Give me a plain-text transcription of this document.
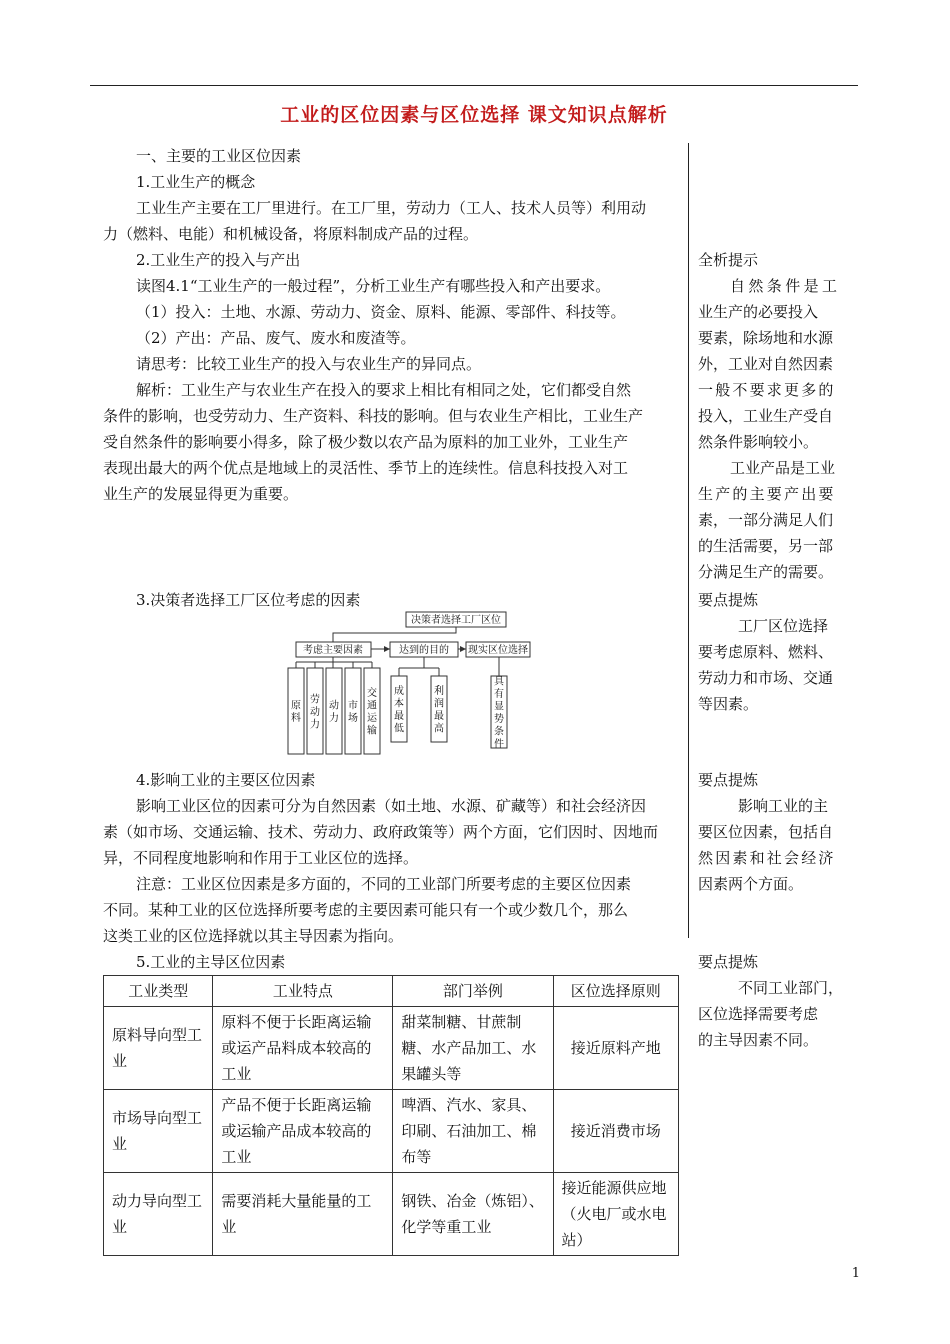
工业的区位因素与区位选择 课文知识点解析
一、主要的工业区位因素
1.工业生产的概念
工业生产主要在工厂里进行。在工厂里，劳动力（工人、技术人员等）利用动
力（燃料、电能）和机械设备，将原料制成产品的过程。
2.工业生产的投入与产出
读图4.1“工业生产的一般过程”，分析工业生产有哪些投入和产出要求。
（1）投入：土地、水源、劳动力、资金、原料、能源、零部件、科技等。
（2）产出：产品、废气、废水和废渣等。
请思考：比较工业生产的投入与农业生产的异同点。
解析：工业生产与农业生产在投入的要求上相比有相同之处，它们都受自然
条件的影响，也受劳动力、生产资料、科技的影响。但与农业生产相比，工业生产
受自然条件的影响要小得多，除了极少数以农产品为原料的加工业外，工业生产
表现出最大的两个优点是地域上的灵活性、季节上的连续性。信息科技投入对工
业生产的发展显得更为重要。
3.决策者选择工厂区位考虑的因素
4.影响工业的主要区位因素
影响工业区位的因素可分为自然因素（如土地、水源、矿藏等）和社会经济因
素（如市场、交通运输、技术、劳动力、政府政策等）两个方面，它们因时、因地而
异，不同程度地影响和作用于工业区位的选择。
注意：工业区位因素是多方面的，不同的工业部门所要考虑的主要区位因素
不同。某种工业的区位选择所要考虑的主要因素可能只有一个或少数几个，那么
这类工业的区位选择就以其主导因素为指向。
5.工业的主导区位因素
决策者选择工厂区位
考虑主要因素	达到的目的 现实区位选择
原料
劳动力
动力
市场
交通运输
成本最低
利润最高
具有显势条件
全析提示
自然条件是工
业生产的必要投入
要素，除场地和水源
外，工业对自然因素
一般不要求更多的
投入，工业生产受自
然条件影响较小。
工业产品是工业
生产的主要产出要
素，一部分满足人们
的生活需要，另一部
分满足生产的需要。
要点提炼
工厂区位选择
要考虑原料、燃料、
劳动力和市场、交通
等因素。
要点提炼
影响工业的主
要区位因素，包括自
然因素和社会经济
因素两个方面。
要点提炼
不同工业部门，
区位选择需要考虑
的主导因素不同。
工业类型	工业特点	部门举例	区位选择原则
原料导向型工业	原料不便于长距离运输或运产品料成本较高的工业	甜菜制糖、甘蔗制糖、水产品加工、水果罐头等	接近原料产地
市场导向型工业	产品不便于长距离运输或运输产品成本较高的工业	啤酒、汽水、家具、印刷、石油加工、棉布等	接近消费市场
动力导向型工业	需要消耗大量能量的工业	钢铁、冶金（炼铝）、化学等重工业	接近能源供应地（火电厂或水电站）
1
